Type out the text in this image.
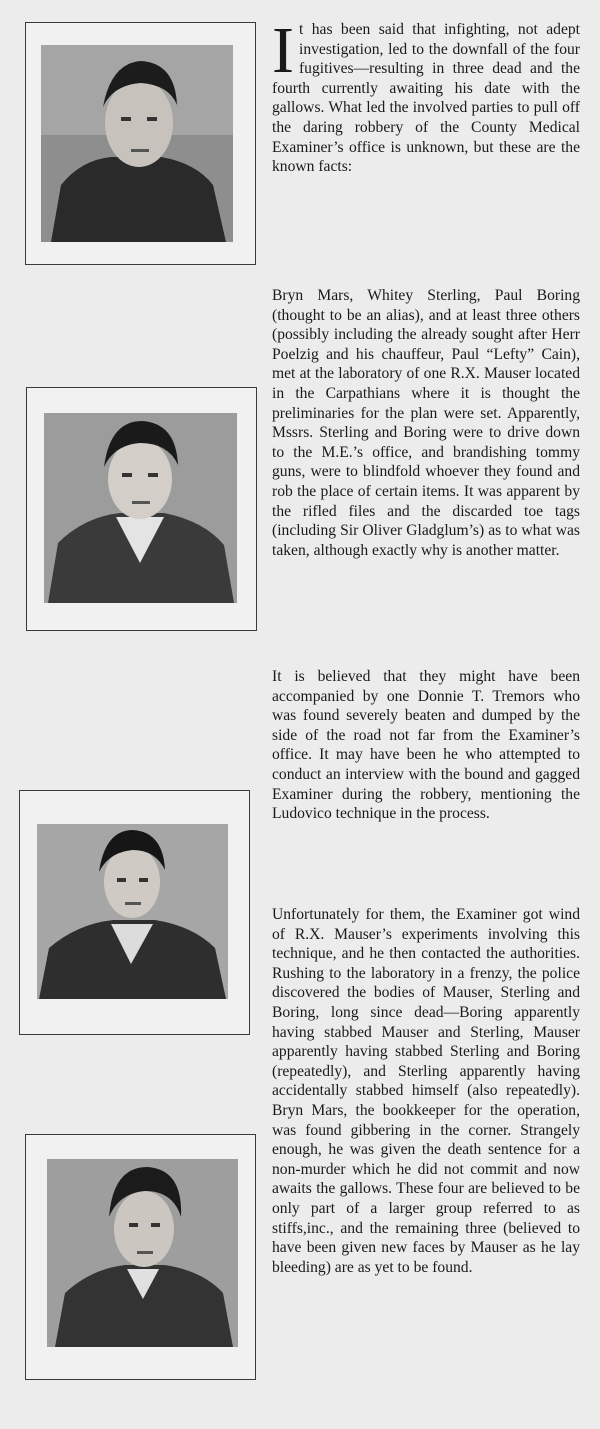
It has been said that infighting, not adept investigation, led to the downfall of the four fugitives—resulting in three dead and the fourth currently awaiting his date with the gallows. What led the involved parties to pull off the daring robbery of the County Medical Examiner’s office is unknown, but these are the known facts:

Bryn Mars, Whitey Sterling, Paul Boring (thought to be an alias), and at least three others (possibly including the already sought after Herr Poelzig and his chauffeur, Paul “Lefty” Cain), met at the laboratory of one R.X. Mauser located in the Carpathians where it is thought the preliminaries for the plan were set. Apparently, Mssrs. Sterling and Boring were to drive down to the M.E.’s office, and brandishing tommy guns, were to blindfold whoever they found and rob the place of certain items. It was apparent by the rifled files and the discarded toe tags (including Sir Oliver Gladglum’s) as to what was taken, although exactly why is another matter.

It is believed that they might have been accompanied by one Donnie T. Tremors who was found severely beaten and dumped by the side of the road not far from the Examiner’s office. It may have been he who attempted to conduct an interview with the bound and gagged Examiner during the robbery, mentioning the Ludovico technique in the process.

Unfortunately for them, the Examiner got wind of R.X. Mauser’s experiments involving this technique, and he then contacted the authorities. Rushing to the laboratory in a frenzy, the police discovered the bodies of Mauser, Sterling and Boring, long since dead—Boring apparently having stabbed Mauser and Sterling, Mauser apparently having stabbed Sterling and Boring (repeatedly), and Sterling apparently having accidentally stabbed himself (also repeatedly). Bryn Mars, the bookkeeper for the operation, was found gibbering in the corner. Strangely enough, he was given the death sentence for a non-murder which he did not commit and now awaits the gallows. These four are believed to be only part of a larger group referred to as stiffs,inc., and the remaining three (believed to have been given new faces by Mauser as he lay bleeding) are as yet to be found.
